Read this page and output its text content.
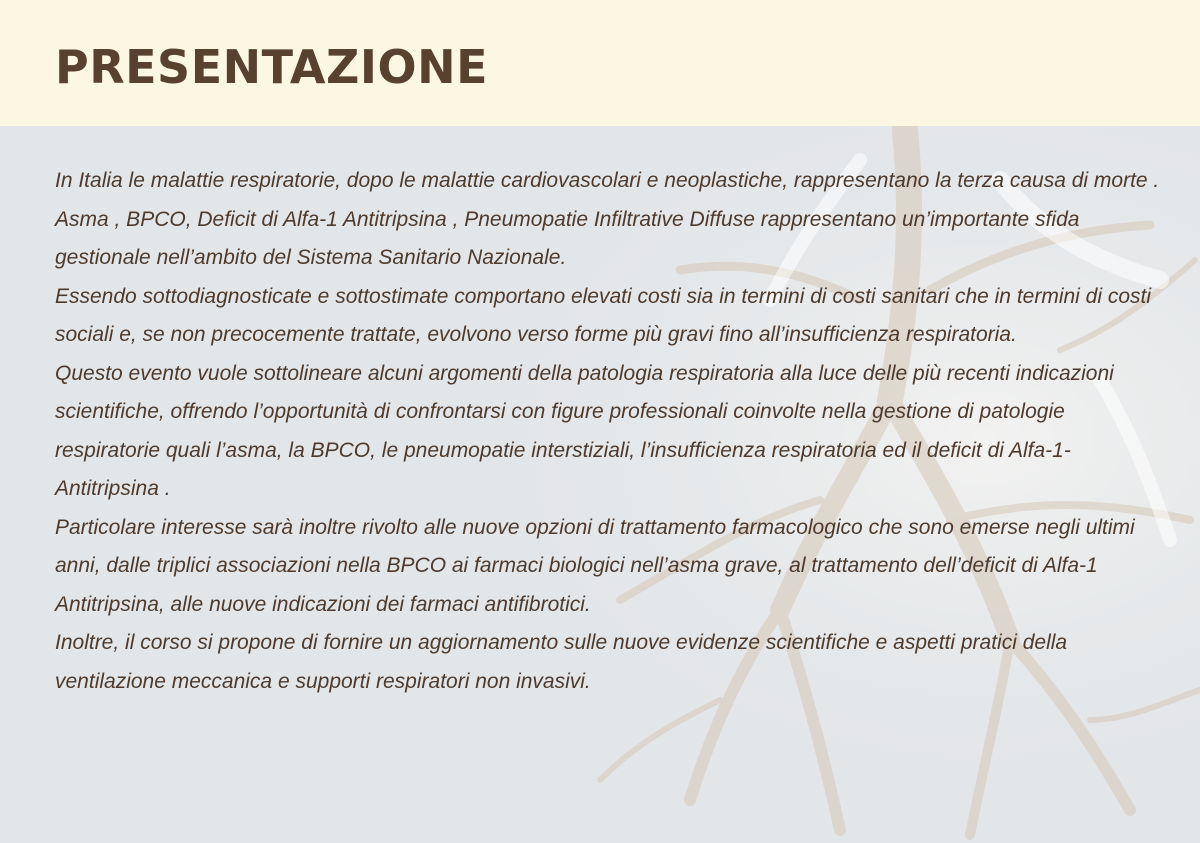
PRESENTAZIONE

In Italia le malattie respiratorie, dopo le malattie cardiovascolari e neoplastiche, rappresentano la terza causa di morte .

Asma , BPCO, Deficit di Alfa-1 Antitripsina , Pneumopatie Infiltrative Diffuse rappresentano un’importante sfida gestionale nell’ambito del Sistema Sanitario Nazionale.

Essendo sottodiagnosticate e sottostimate comportano elevati costi sia in termini di costi sanitari che in termini di costi sociali e, se non precocemente trattate, evolvono verso forme più gravi fino all’insufficienza respiratoria.

Questo evento vuole sottolineare alcuni argomenti della patologia respiratoria alla luce delle più recenti indicazioni scientifiche, offrendo l’opportunità di confrontarsi con figure professionali coinvolte nella gestione di patologie respiratorie quali l’asma, la BPCO, le pneumopatie interstiziali, l’insufficienza respiratoria ed il deficit di Alfa-1-Antitripsina .

Particolare interesse sarà inoltre rivolto alle nuove opzioni di trattamento farmacologico che sono emerse negli ultimi anni, dalle triplici associazioni nella BPCO ai farmaci biologici nell’asma grave, al trattamento dell’deficit di Alfa-1 Antitripsina, alle nuove indicazioni dei farmaci antifibrotici.

Inoltre, il corso si propone di fornire un aggiornamento sulle nuove evidenze scientifiche e aspetti pratici della ventilazione meccanica e supporti respiratori non invasivi.
